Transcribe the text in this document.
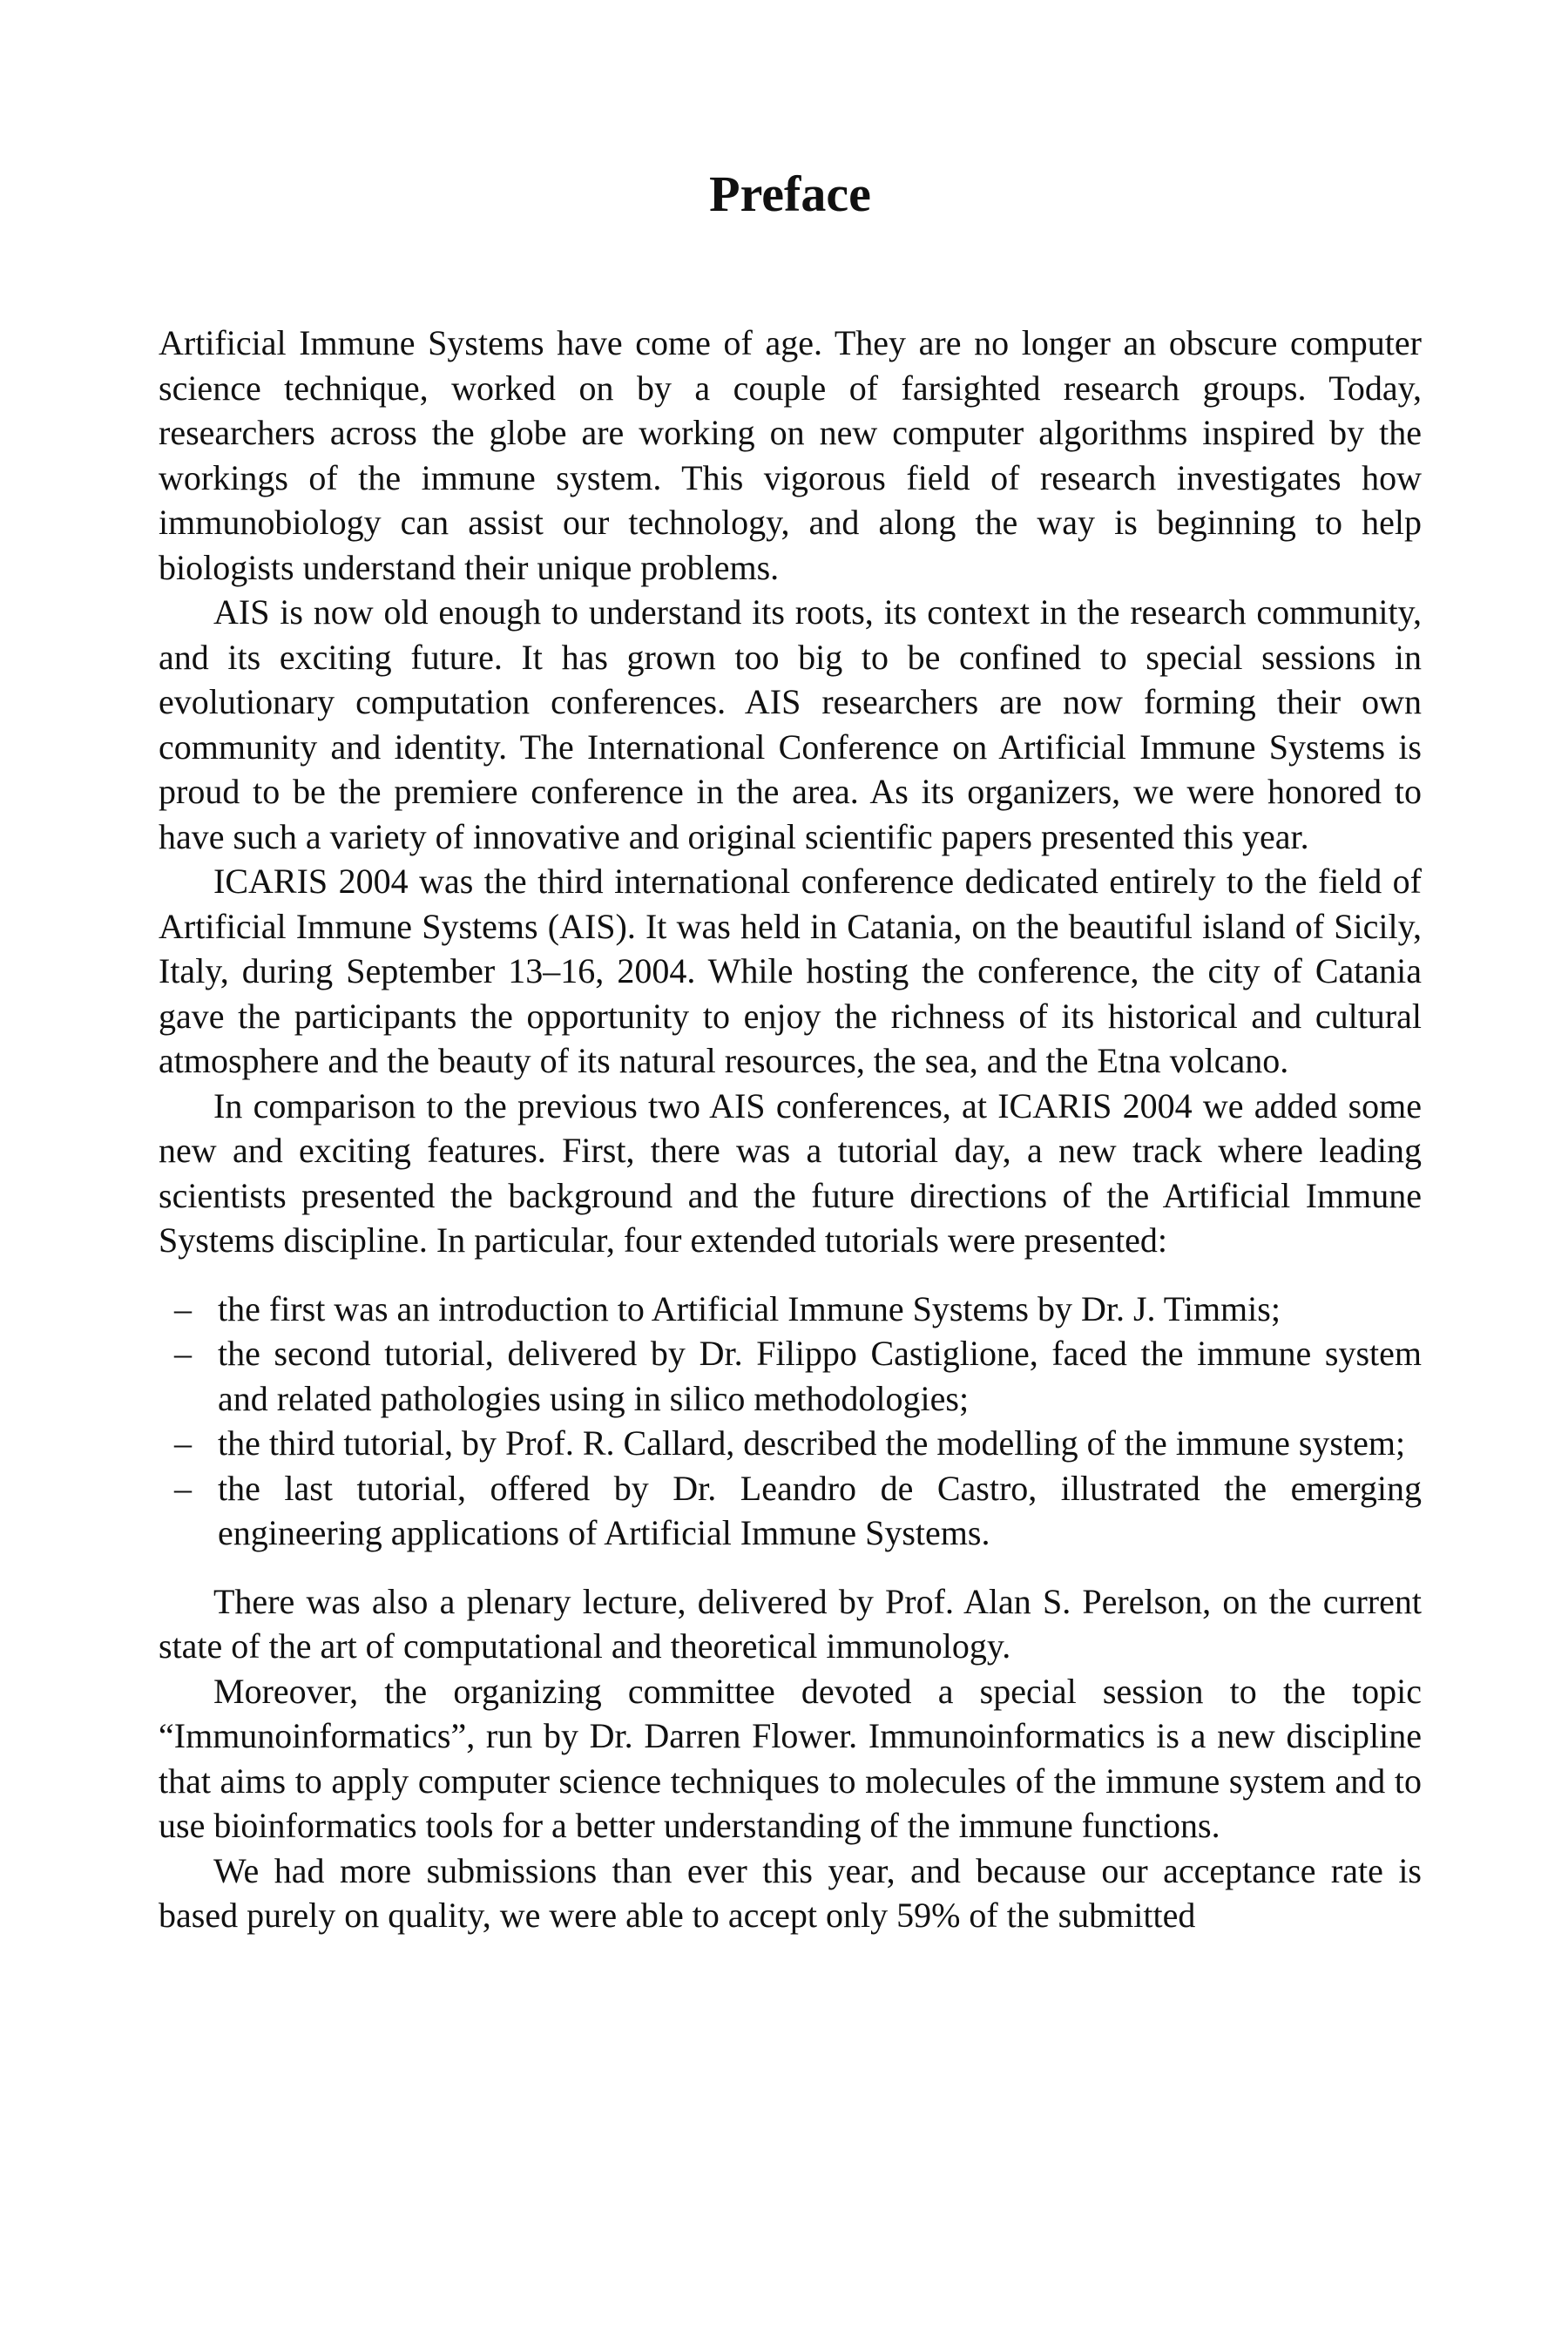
Preface

Artificial Immune Systems have come of age. They are no longer an obscure computer science technique, worked on by a couple of farsighted research groups. Today, researchers across the globe are working on new computer algorithms inspired by the workings of the immune system. This vigorous field of research investigates how immunobiology can assist our technology, and along the way is beginning to help biologists understand their unique problems.

AIS is now old enough to understand its roots, its context in the research community, and its exciting future. It has grown too big to be confined to special sessions in evolutionary computation conferences. AIS researchers are now forming their own community and identity. The International Conference on Artificial Immune Systems is proud to be the premiere conference in the area. As its organizers, we were honored to have such a variety of innovative and original scientific papers presented this year.

ICARIS 2004 was the third international conference dedicated entirely to the field of Artificial Immune Systems (AIS). It was held in Catania, on the beautiful island of Sicily, Italy, during September 13–16, 2004. While hosting the conference, the city of Catania gave the participants the opportunity to enjoy the richness of its historical and cultural atmosphere and the beauty of its natural resources, the sea, and the Etna volcano.

In comparison to the previous two AIS conferences, at ICARIS 2004 we added some new and exciting features. First, there was a tutorial day, a new track where leading scientists presented the background and the future directions of the Artificial Immune Systems discipline. In particular, four extended tutorials were presented:

– the first was an introduction to Artificial Immune Systems by Dr. J. Timmis;
– the second tutorial, delivered by Dr. Filippo Castiglione, faced the immune system and related pathologies using in silico methodologies;
– the third tutorial, by Prof. R. Callard, described the modelling of the immune system;
– the last tutorial, offered by Dr. Leandro de Castro, illustrated the emerging engineering applications of Artificial Immune Systems.

There was also a plenary lecture, delivered by Prof. Alan S. Perelson, on the current state of the art of computational and theoretical immunology.

Moreover, the organizing committee devoted a special session to the topic “Immunoinformatics”, run by Dr. Darren Flower. Immunoinformatics is a new discipline that aims to apply computer science techniques to molecules of the immune system and to use bioinformatics tools for a better understanding of the immune functions.

We had more submissions than ever this year, and because our acceptance rate is based purely on quality, we were able to accept only 59% of the submitted
